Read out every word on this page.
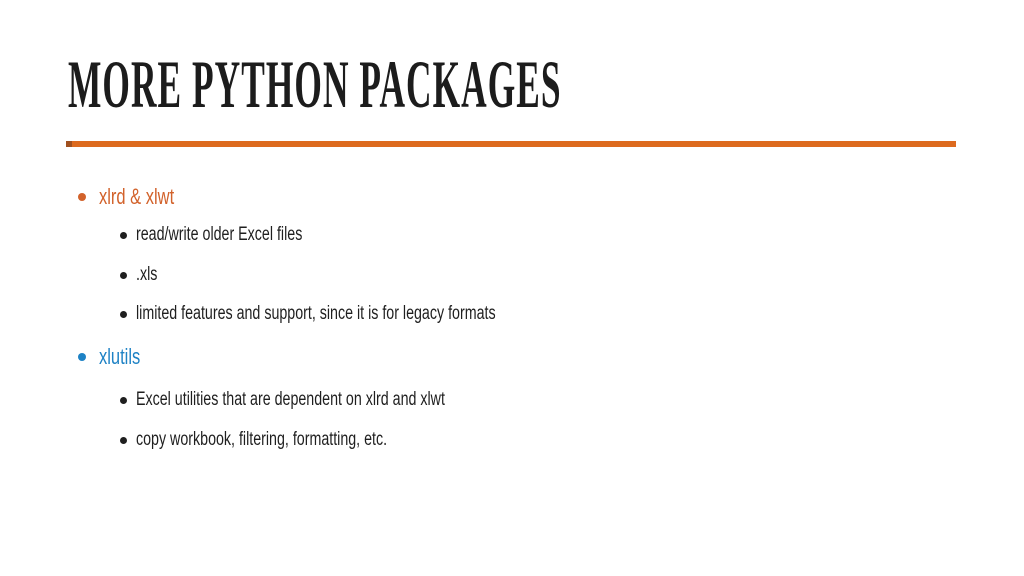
MORE PYTHON PACKAGES
xlrd & xlwt
read/write older Excel files
.xls
limited features and support, since it is for legacy formats
xlutils
Excel utilities that are dependent on xlrd and xlwt
copy workbook, filtering, formatting, etc.
